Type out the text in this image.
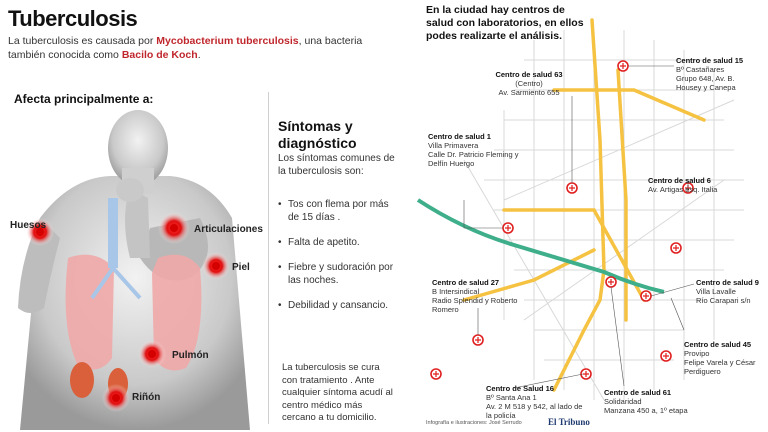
Tuberculosis
La tuberculosis es causada por Mycobacterium tuberculosis, una bacteria también conocida como Bacilo de Koch.
Afecta principalmente a:
Huesos	Articulaciones
Piel
Pulmón
Riñón
Síntomas y diagnóstico
Los síntomas comunes de la tuberculosis son:
• Tos con flema por más de 15 días .
• Falta de apetito.
• Fiebre y sudoración por las noches.
• Debilidad y cansancio.
La tuberculosis se cura con tratamiento . Ante cualquier síntoma acudí al centro médico más cercano a tu domicilio.
En la ciudad hay centros de salud con laboratorios, en ellos podes realizarte el análisis.
Centro de salud 63
(Centro)
Av. Sarmiento 655
Centro de salud 15
Bº Castañares
Grupo 648, Av. B.
Housey y Canepa
Centro de salud 1
Villa Primavera
Calle Dr. Patricio Fleming y
Delfín Huergo
Centro de salud 6
Av. Artigas esq. Italia
Centro de salud 27
B Intersindical
Radio Splendid y Roberto
Romero
Centro de salud 9
Villa Lavalle
Río Carapari s/n
Centro de salud 45
Provipo
Felipe Varela y César
Perdiguero
Centro de Salud 16
Bº Santa Ana 1
Av. 2 M 518 y 542, al lado de
la policía
Centro de salud 61
Solidaridad
Manzana 450 a, 1º etapa
Infografía e ilustraciones: José Serrudo	El Tribuno
